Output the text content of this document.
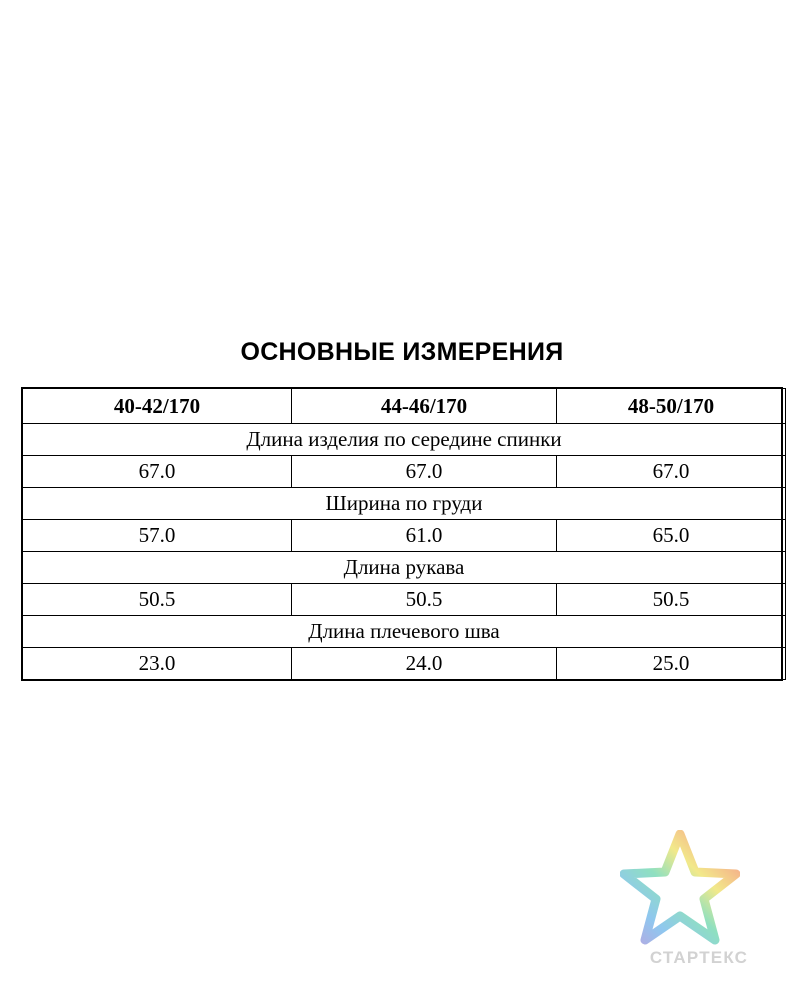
ОСНОВНЫЕ ИЗМЕРЕНИЯ
40-42/170	44-46/170	48-50/170
Длина изделия по середине спинки		
67.0	67.0	67.0
Ширина по груди		
57.0	61.0	65.0
Длина рукава		
50.5	50.5	50.5
Длина плечевого шва		
23.0	24.0	25.0
СТАРТЕКС
